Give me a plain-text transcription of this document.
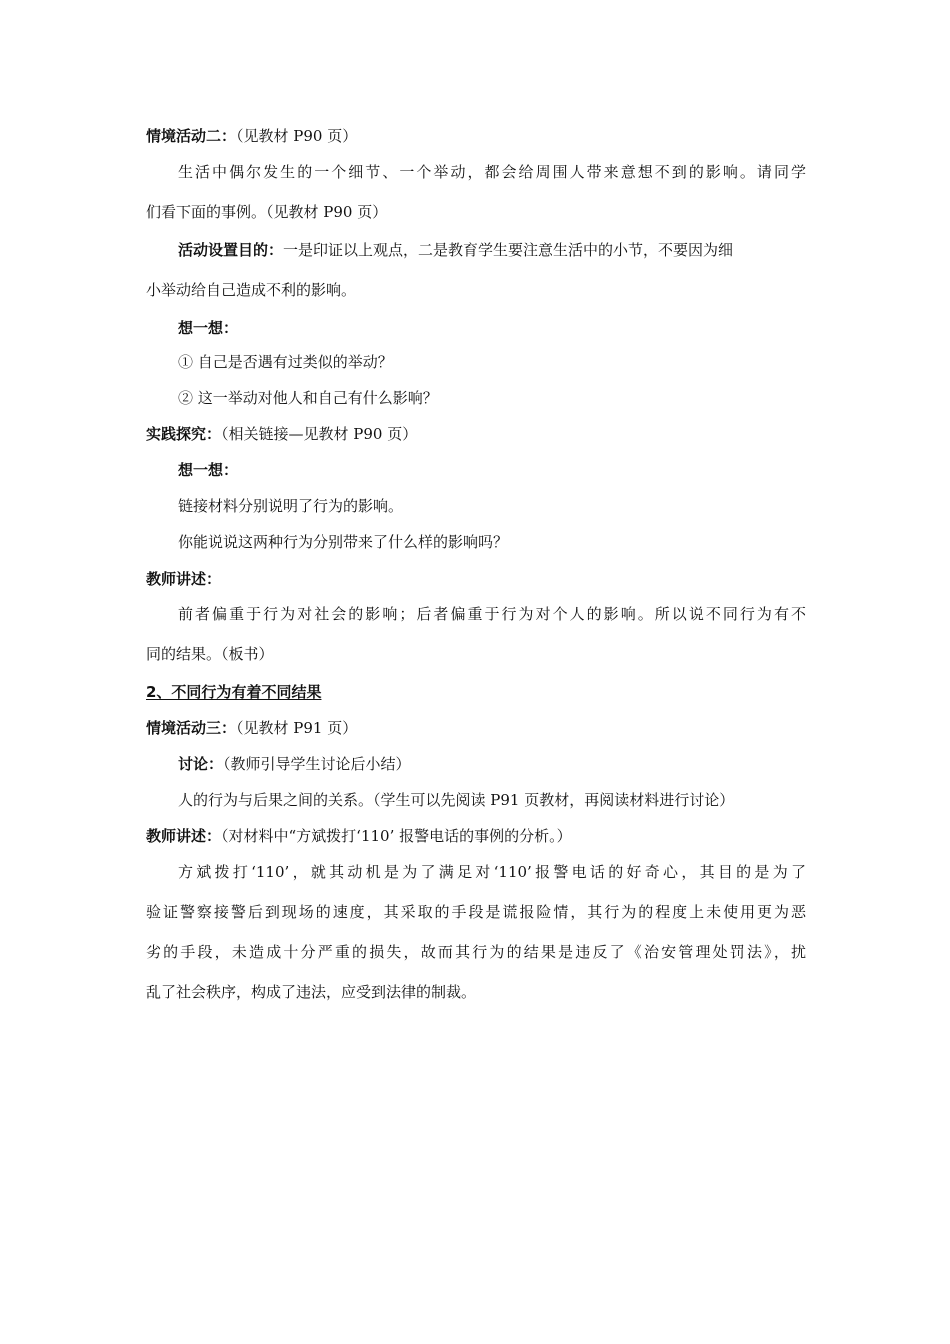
情境活动二：（见教材 P90 页）
生活中偶尔发生的一个细节、一个举动，都会给周围人带来意想不到的影响。请同学
们看下面的事例。（见教材 P90 页）
活动设置目的：一是印证以上观点，二是教育学生要注意生活中的小节，不要因为细
小举动给自己造成不利的影响。
想一想：
① 自己是否遇有过类似的举动？
② 这一举动对他人和自己有什么影响？
实践探究：（相关链接—见教材 P90 页）
想一想：
链接材料分别说明了行为的影响。
你能说说这两种行为分别带来了什么样的影响吗？
教师讲述：
前者偏重于行为对社会的影响；后者偏重于行为对个人的影响。所以说不同行为有不
同的结果。（板书）
2、不同行为有着不同结果
情境活动三：（见教材 P91 页）
讨论：（教师引导学生讨论后小结）
人的行为与后果之间的关系。（学生可以先阅读 P91 页教材，再阅读材料进行讨论）
教师讲述：（对材料中“方斌拨打‘110’ 报警电话的事例的分析。）
方斌拨打‘110’，就其动机是为了满足对‘110’报警电话的好奇心，其目的是为了
验证警察接警后到现场的速度，其采取的手段是谎报险情，其行为的程度上未使用更为恶
劣的手段，未造成十分严重的损失，故而其行为的结果是违反了《治安管理处罚法》，扰
乱了社会秩序，构成了违法，应受到法律的制裁。
